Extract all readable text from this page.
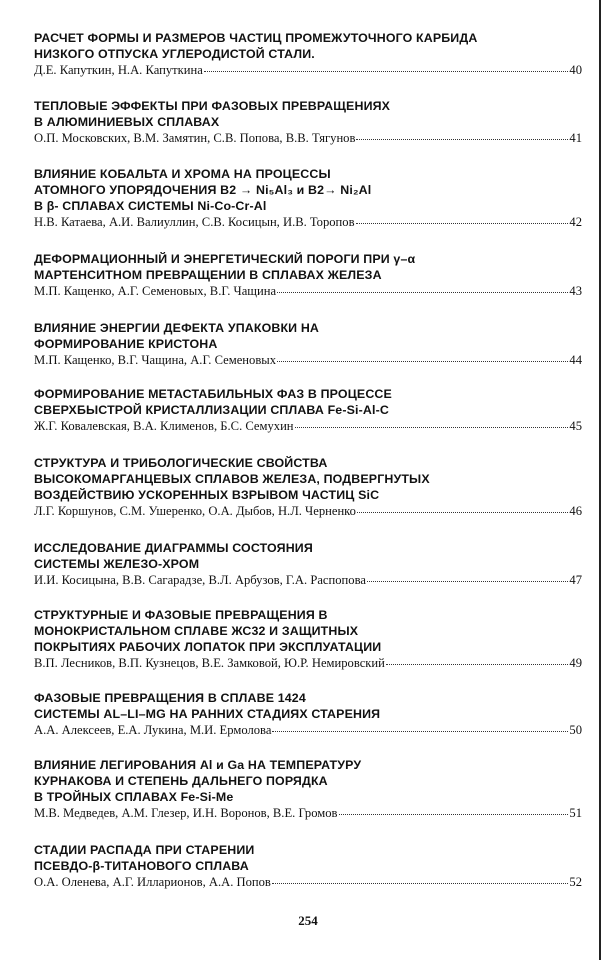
РАСЧЕТ ФОРМЫ И РАЗМЕРОВ ЧАСТИЦ ПРОМЕЖУТОЧНОГО КАРБИДА
НИЗКОГО ОТПУСКА УГЛЕРОДИСТОЙ СТАЛИ.
Д.Е. Капуткин, Н.А. Капуткина	40
ТЕПЛОВЫЕ ЭФФЕКТЫ ПРИ ФАЗОВЫХ ПРЕВРАЩЕНИЯХ
В АЛЮМИНИЕВЫХ СПЛАВАХ
О.П. Московских, В.М. Замятин, С.В. Попова, В.В. Тягунов	41
ВЛИЯНИЕ КОБАЛЬТА И ХРОМА НА ПРОЦЕССЫ
АТОМНОГО УПОРЯДОЧЕНИЯ В2 → Ni₅Al₃ и B2→ Ni₂Al
В β- СПЛАВАХ СИСТЕМЫ Ni-Co-Cr-Al
Н.В. Катаева, А.И. Валиуллин, С.В. Косицын, И.В. Торопов	42
ДЕФОРМАЦИОННЫЙ И ЭНЕРГЕТИЧЕСКИЙ ПОРОГИ ПРИ γ–α
МАРТЕНСИТНОМ ПРЕВРАЩЕНИИ В СПЛАВАХ ЖЕЛЕЗА
М.П. Кащенко, А.Г. Семеновых, В.Г. Чащина	43
ВЛИЯНИЕ ЭНЕРГИИ ДЕФЕКТА УПАКОВКИ НА
ФОРМИРОВАНИЕ КРИСТОНА
М.П. Кащенко, В.Г. Чащина, А.Г. Семеновых	44
ФОРМИРОВАНИЕ МЕТАСТАБИЛЬНЫХ ФАЗ В ПРОЦЕССЕ
СВЕРХБЫСТРОЙ КРИСТАЛЛИЗАЦИИ СПЛАВА Fe-Si-Al-C
Ж.Г. Ковалевская, В.А. Клименов, Б.С. Семухин	45
СТРУКТУРА И ТРИБОЛОГИЧЕСКИЕ СВОЙСТВА
ВЫСОКОМАРГАНЦЕВЫХ СПЛАВОВ ЖЕЛЕЗА, ПОДВЕРГНУТЫХ
ВОЗДЕЙСТВИЮ УСКОРЕННЫХ ВЗРЫВОМ ЧАСТИЦ SiC
Л.Г. Коршунов, С.М. Ушеренко, О.А. Дыбов, Н.Л. Черненко	46
ИССЛЕДОВАНИЕ ДИАГРАММЫ СОСТОЯНИЯ
СИСТЕМЫ ЖЕЛЕЗО-ХРОМ
И.И. Косицына, В.В. Сагарадзе, В.Л. Арбузов, Г.А. Распопова	47
СТРУКТУРНЫЕ И ФАЗОВЫЕ ПРЕВРАЩЕНИЯ В
МОНОКРИСТАЛЬНОМ СПЛАВЕ ЖС32 И ЗАЩИТНЫХ
ПОКРЫТИЯХ РАБОЧИХ ЛОПАТОК ПРИ ЭКСПЛУАТАЦИИ
В.П. Лесников, В.П. Кузнецов, В.Е. Замковой, Ю.Р. Немировский	49
ФАЗОВЫЕ ПРЕВРАЩЕНИЯ В СПЛАВЕ 1424
СИСТЕМЫ AL–LI–MG НА РАННИХ СТАДИЯХ СТАРЕНИЯ
А.А. Алексеев, Е.А. Лукина, М.И. Ермолова	50
ВЛИЯНИЕ ЛЕГИРОВАНИЯ Al и Ga НА ТЕМПЕРАТУРУ
КУРНАКОВА И СТЕПЕНЬ ДАЛЬНЕГО ПОРЯДКА
В ТРОЙНЫХ СПЛАВАХ Fe-Si-Me
М.В. Медведев, А.М. Глезер, И.Н. Воронов, В.Е. Громов	51
СТАДИИ РАСПАДА ПРИ СТАРЕНИИ
ПСЕВДО-β-ТИТАНОВОГО СПЛАВА
О.А. Оленева, А.Г. Илларионов, А.А. Попов	52
254
